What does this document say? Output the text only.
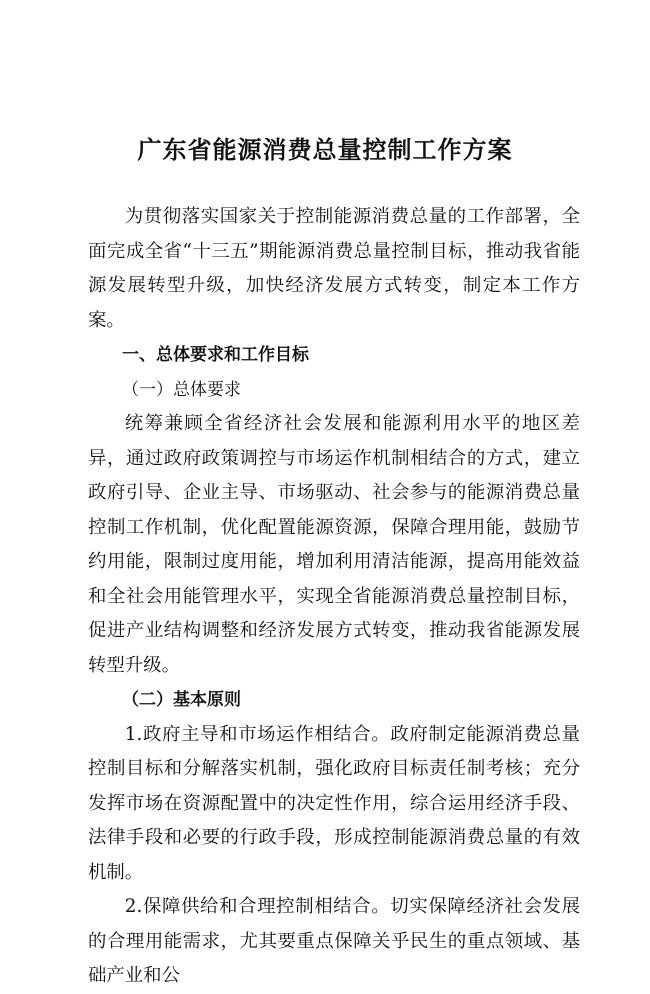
广东省能源消费总量控制工作方案

为贯彻落实国家关于控制能源消费总量的工作部署，全面完成全省“十三五”期能源消费总量控制目标，推动我省能源发展转型升级，加快经济发展方式转变，制定本工作方案。

一、总体要求和工作目标

（一）总体要求

统筹兼顾全省经济社会发展和能源利用水平的地区差异，通过政府政策调控与市场运作机制相结合的方式，建立政府引导、企业主导、市场驱动、社会参与的能源消费总量控制工作机制，优化配置能源资源，保障合理用能，鼓励节约用能，限制过度用能，增加利用清洁能源，提高用能效益和全社会用能管理水平，实现全省能源消费总量控制目标，促进产业结构调整和经济发展方式转变，推动我省能源发展转型升级。

（二）基本原则

1.政府主导和市场运作相结合。政府制定能源消费总量控制目标和分解落实机制，强化政府目标责任制考核；充分发挥市场在资源配置中的决定性作用，综合运用经济手段、法律手段和必要的行政手段，形成控制能源消费总量的有效机制。

2.保障供给和合理控制相结合。切实保障经济社会发展的合理用能需求，尤其要重点保障关乎民生的重点领域、基础产业和公
